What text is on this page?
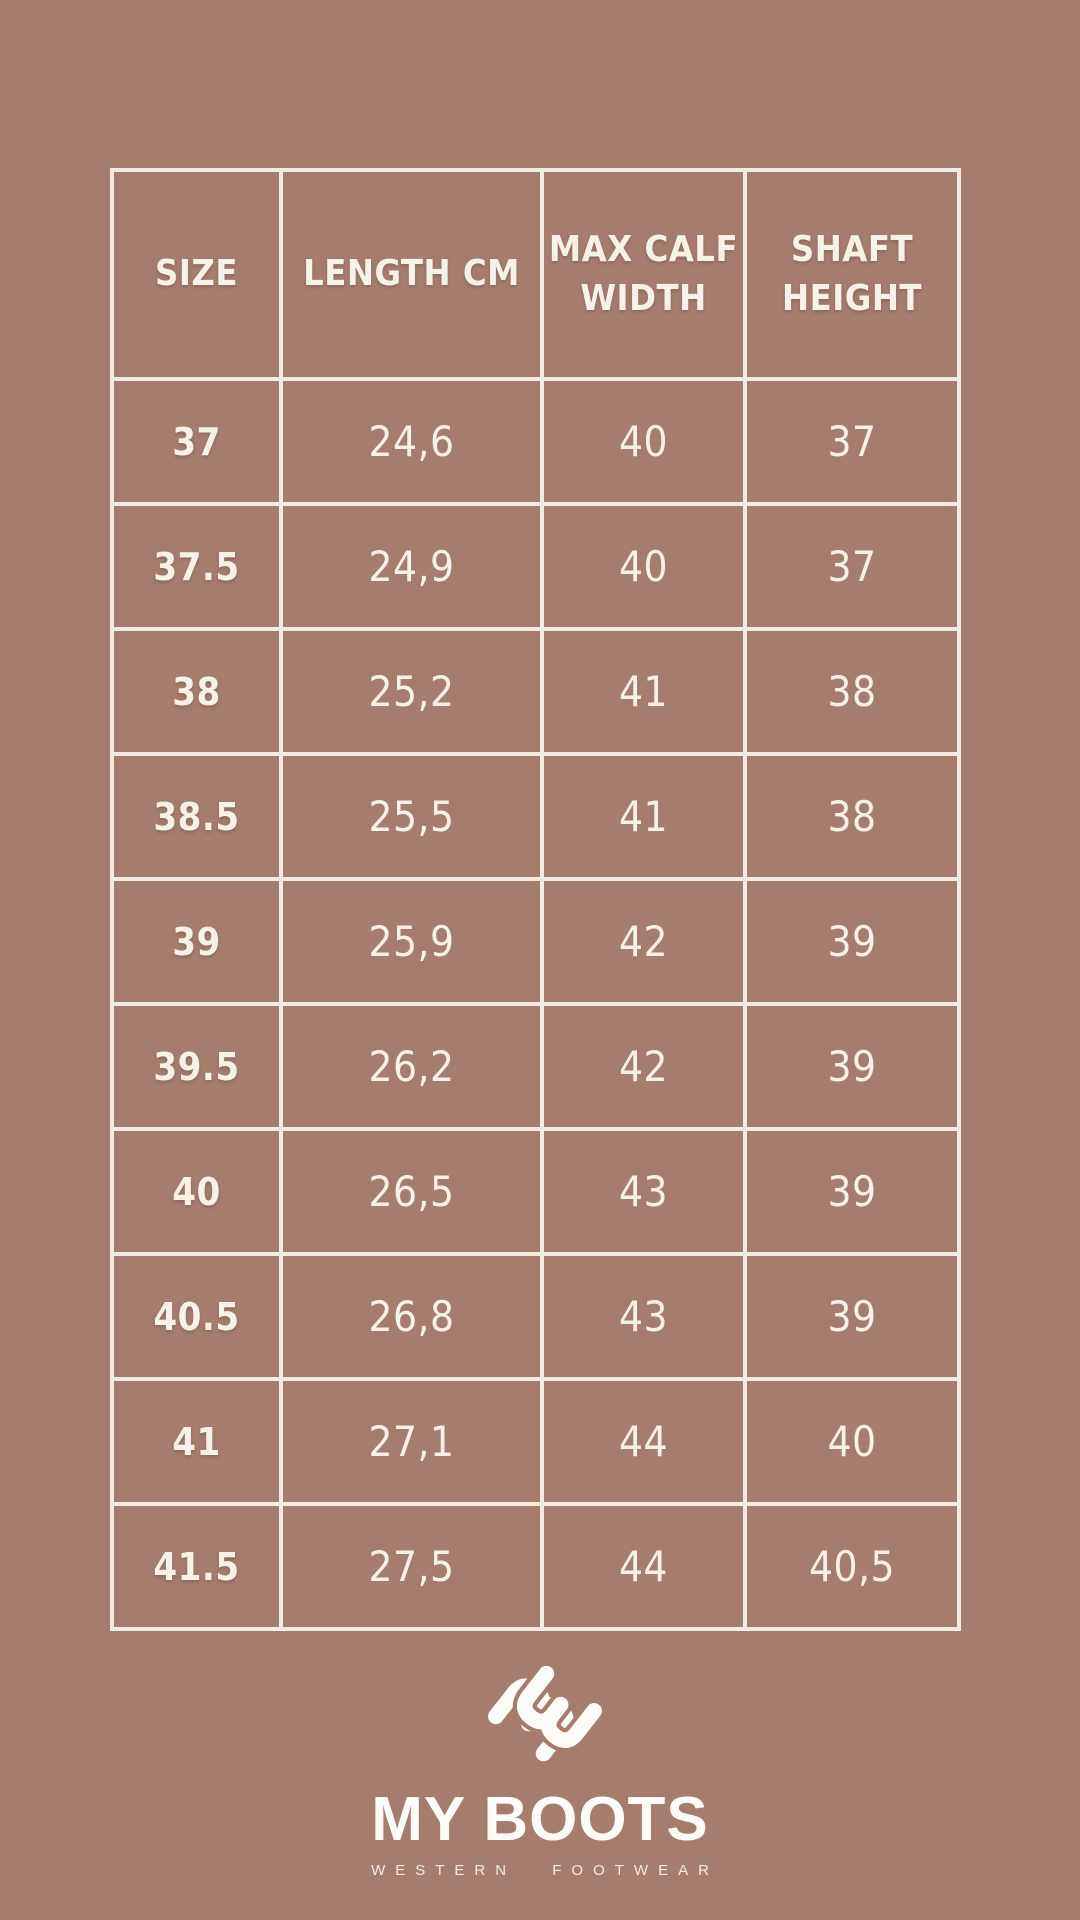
SIZE	LENGTH CM	MAX CALF WIDTH	SHAFT HEIGHT
37	24,6	40	37
37.5	24,9	40	37
38	25,2	41	38
38.5	25,5	41	38
39	25,9	42	39
39.5	26,2	42	39
40	26,5	43	39
40.5	26,8	43	39
41	27,1	44	40
41.5	27,5	44	40,5
MY BOOTS
WESTERN FOOTWEAR
